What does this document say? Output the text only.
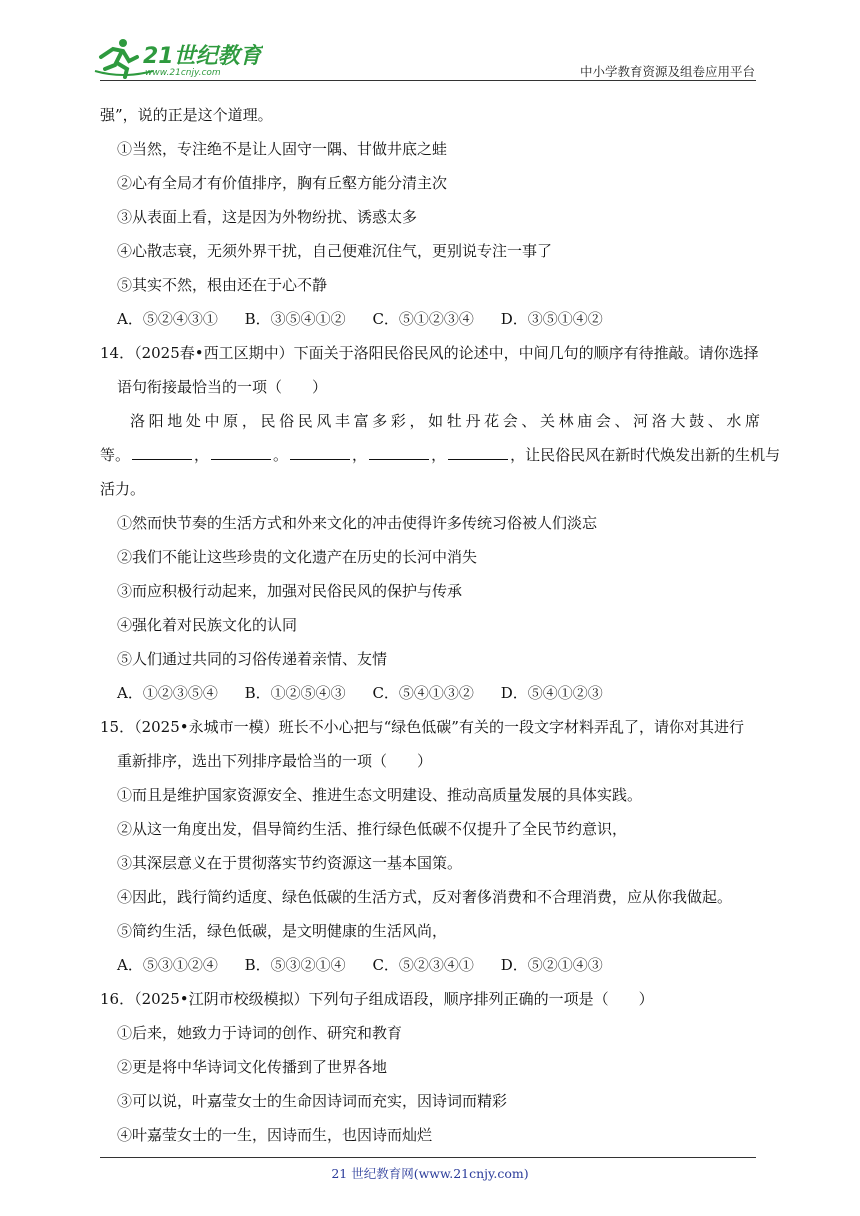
21世纪教育
www.21cnjy.com	中小学教育资源及组卷应用平台
强”，说的正是这个道理。
①当然，专注绝不是让人固守一隅、甘做井底之蛙
②心有全局才有价值排序，胸有丘壑方能分清主次
③从表面上看，这是因为外物纷扰、诱惑太多
④心散志衰，无须外界干扰，自己便难沉住气，更别说专注一事了
⑤其实不然，根由还在于心不静
A．⑤②④③① B．③⑤④①② C．⑤①②③④ D．③⑤①④②
14．（2025春•西工区期中）下面关于洛阳民俗民风的论述中，中间几句的顺序有待推敲。请你选择
语句衔接最恰当的一项（　　）
洛阳地处中原，民俗民风丰富多彩，如牡丹花会、关林庙会、河洛大鼓、水席
等。	，	。	，	，	，让民俗民风在新时代焕发出新的生机与
活力。
①然而快节奏的生活方式和外来文化的冲击使得许多传统习俗被人们淡忘
②我们不能让这些珍贵的文化遗产在历史的长河中消失
③而应积极行动起来，加强对民俗民风的保护与传承
④强化着对民族文化的认同
⑤人们通过共同的习俗传递着亲情、友情
A．①②③⑤④ B．①②⑤④③ C．⑤④①③② D．⑤④①②③
15．（2025•永城市一模）班长不小心把与“绿色低碳”有关的一段文字材料弄乱了，请你对其进行
重新排序，选出下列排序最恰当的一项（　　）
①而且是维护国家资源安全、推进生态文明建设、推动高质量发展的具体实践。
②从这一角度出发，倡导简约生活、推行绿色低碳不仅提升了全民节约意识，
③其深层意义在于贯彻落实节约资源这一基本国策。
④因此，践行简约适度、绿色低碳的生活方式，反对奢侈消费和不合理消费，应从你我做起。
⑤简约生活，绿色低碳，是文明健康的生活风尚，
A．⑤③①②④ B．⑤③②①④ C．⑤②③④① D．⑤②①④③
16．（2025•江阴市校级模拟）下列句子组成语段，顺序排列正确的一项是（　　）
①后来，她致力于诗词的创作、研究和教育
②更是将中华诗词文化传播到了世界各地
③可以说，叶嘉莹女士的生命因诗词而充实，因诗词而精彩
④叶嘉莹女士的一生，因诗而生，也因诗而灿烂
21 世纪教育网(www.21cnjy.com)
